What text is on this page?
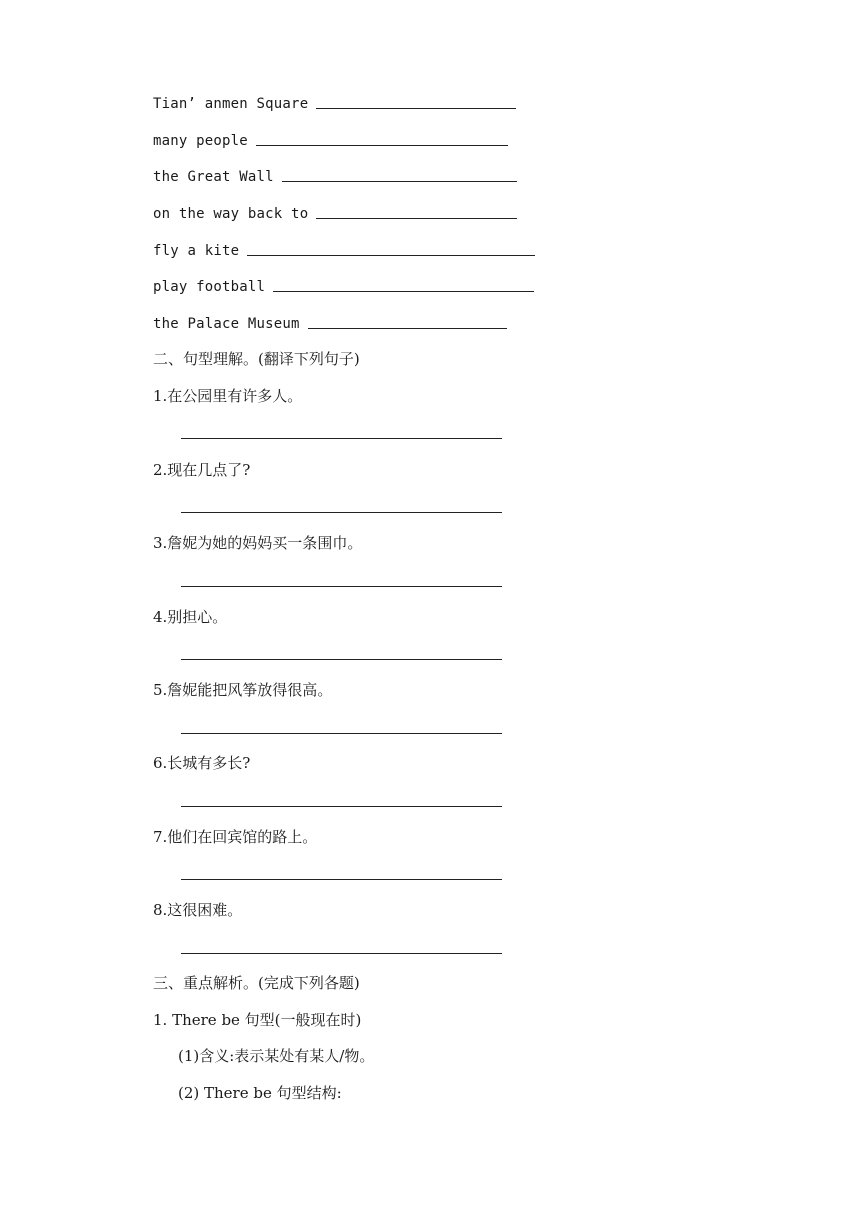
Tian’ anmen Square
many people
the Great Wall
on the way back to
fly a kite
play football
the Palace Museum
二、句型理解。(翻译下列句子)
1.在公园里有许多人。
2.现在几点了?
3.詹妮为她的妈妈买一条围巾。
4.别担心。
5.詹妮能把风筝放得很高。
6.长城有多长?
7.他们在回宾馆的路上。
8.这很困难。
三、重点解析。(完成下列各题)
1. There be 句型(一般现在时)
(1)含义:表示某处有某人/物。
(2) There be 句型结构:
